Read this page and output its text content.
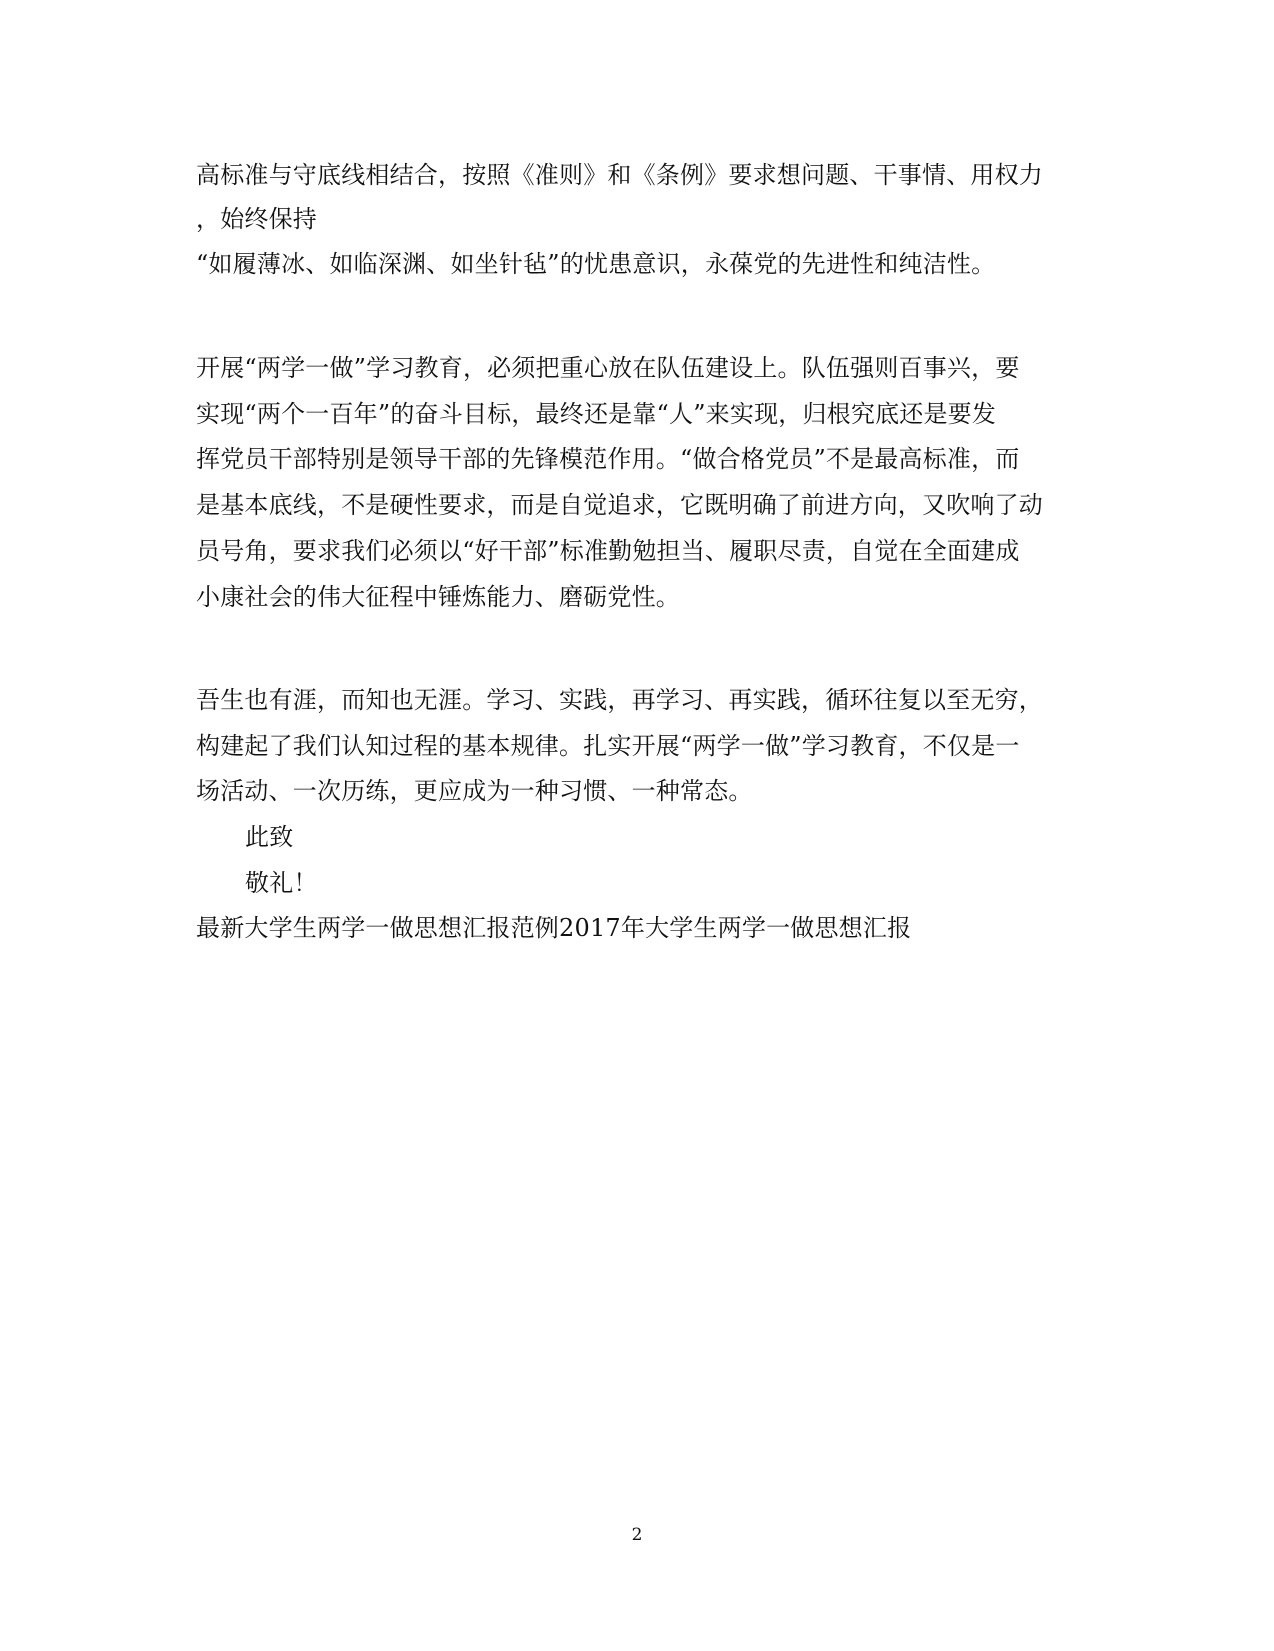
高标准与守底线相结合，按照《准则》和《条例》要求想问题、干事情、用权力
，始终保持
“如履薄冰、如临深渊、如坐针毡”的忧患意识，永葆党的先进性和纯洁性。
开展“两学一做”学习教育，必须把重心放在队伍建设上。队伍强则百事兴，要
实现“两个一百年”的奋斗目标，最终还是靠“人”来实现，归根究底还是要发
挥党员干部特别是领导干部的先锋模范作用。“做合格党员”不是最高标准，而
是基本底线，不是硬性要求，而是自觉追求，它既明确了前进方向，又吹响了动
员号角，要求我们必须以“好干部”标准勤勉担当、履职尽责，自觉在全面建成
小康社会的伟大征程中锤炼能力、磨砺党性。
吾生也有涯，而知也无涯。学习、实践，再学习、再实践，循环往复以至无穷，
构建起了我们认知过程的基本规律。扎实开展“两学一做”学习教育，不仅是一
场活动、一次历练，更应成为一种习惯、一种常态。
此致
敬礼！
最新大学生两学一做思想汇报范例2017年大学生两学一做思想汇报
2
